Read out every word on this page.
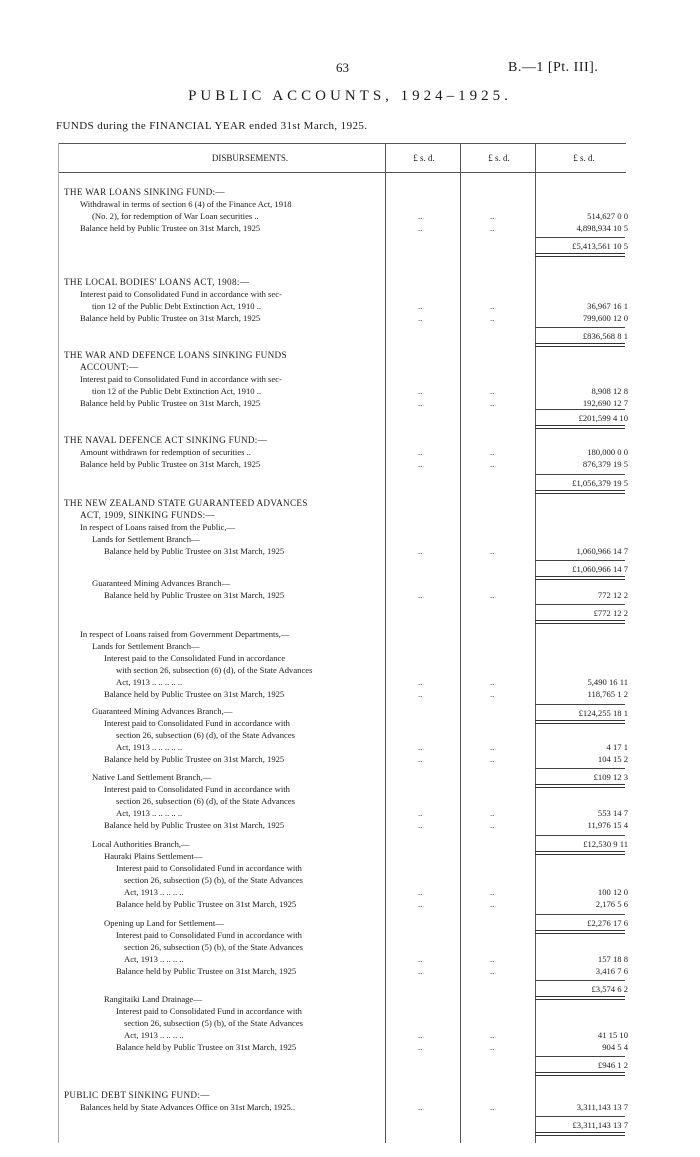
63	B.—1 [Pt. III].
PUBLIC ACCOUNTS, 1924–1925.
FUNDS during the FINANCIAL YEAR ended 31st March, 1925.
DISBURSEMENTS.	£ s. d.	£ s. d.	£ s. d.
THE WAR LOANS SINKING FUND:—
Withdrawal in terms of section 6 (4) of the Finance Act, 1918
(No. 2), for redemption of War Loan securities ..	..	..	514,627 0 0
Balance held by Public Trustee on 31st March, 1925	..	..	4,898,934 10 5
£5,413,561 10 5
THE LOCAL BODIES' LOANS ACT, 1908:—
Interest paid to Consolidated Fund in accordance with sec-
tion 12 of the Public Debt Extinction Act, 1910 ..	..	..	36,967 16 1
Balance held by Public Trustee on 31st March, 1925	..	..	799,600 12 0
£836,568 8 1
THE WAR AND DEFENCE LOANS SINKING FUNDS
ACCOUNT:—
Interest paid to Consolidated Fund in accordance with sec-
tion 12 of the Public Debt Extinction Act, 1910 ..	..	..	8,908 12 8
Balance held by Public Trustee on 31st March, 1925	..	..	192,690 12 7
£201,599 4 10
THE NAVAL DEFENCE ACT SINKING FUND:—
Amount withdrawn for redemption of securities ..	..	..	180,000 0 0
Balance held by Public Trustee on 31st March, 1925	..	..	876,379 19 5
£1,056,379 19 5
THE NEW ZEALAND STATE GUARANTEED ADVANCES
ACT, 1909, SINKING FUNDS:—
In respect of Loans raised from the Public,—
Lands for Settlement Branch—
Balance held by Public Trustee on 31st March, 1925	..	..	1,060,966 14 7
£1,060,966 14 7
Guaranteed Mining Advances Branch—
Balance held by Public Trustee on 31st March, 1925	..	..	772 12 2
£772 12 2
In respect of Loans raised from Government Departments,—
Lands for Settlement Branch—
Interest paid to the Consolidated Fund in accordance
with section 26, subsection (6) (d), of the State Advances
Act, 1913 .. .. .. .. ..	..	..	5,490 16 11
Balance held by Public Trustee on 31st March, 1925	..	..	118,765 1 2
£124,255 18 1
Guaranteed Mining Advances Branch,—
Interest paid to Consolidated Fund in accordance with
section 26, subsection (6) (d), of the State Advances
Act, 1913 .. .. .. .. ..	..	..	4 17 1
Balance held by Public Trustee on 31st March, 1925	..	..	104 15 2
£109 12 3
Native Land Settlement Branch,—
Interest paid to Consolidated Fund in accordance with
section 26, subsection (6) (d), of the State Advances
Act, 1913 .. .. .. .. ..	..	..	553 14 7
Balance held by Public Trustee on 31st March, 1925	..	..	11,976 15 4
£12,530 9 11
Local Authorities Branch,—
Hauraki Plains Settlement—
Interest paid to Consolidated Fund in accordance with
section 26, subsection (5) (b), of the State Advances
Act, 1913 .. .. .. ..	..	..	100 12 0
Balance held by Public Trustee on 31st March, 1925	..	..	2,176 5 6
£2,276 17 6
Opening up Land for Settlement—
Interest paid to Consolidated Fund in accordance with
section 26, subsection (5) (b), of the State Advances
Act, 1913 .. .. .. ..	..	..	157 18 8
Balance held by Public Trustee on 31st March, 1925	..	..	3,416 7 6
£3,574 6 2
Rangitaiki Land Drainage—
Interest paid to Consolidated Fund in accordance with
section 26, subsection (5) (b), of the State Advances
Act, 1913 .. .. .. ..	..	..	41 15 10
Balance held by Public Trustee on 31st March, 1925	..	..	904 5 4
£946 1 2
PUBLIC DEBT SINKING FUND:—
Balances held by State Advances Office on 31st March, 1925..	..	..	3,311,143 13 7
£3,311,143 13 7
